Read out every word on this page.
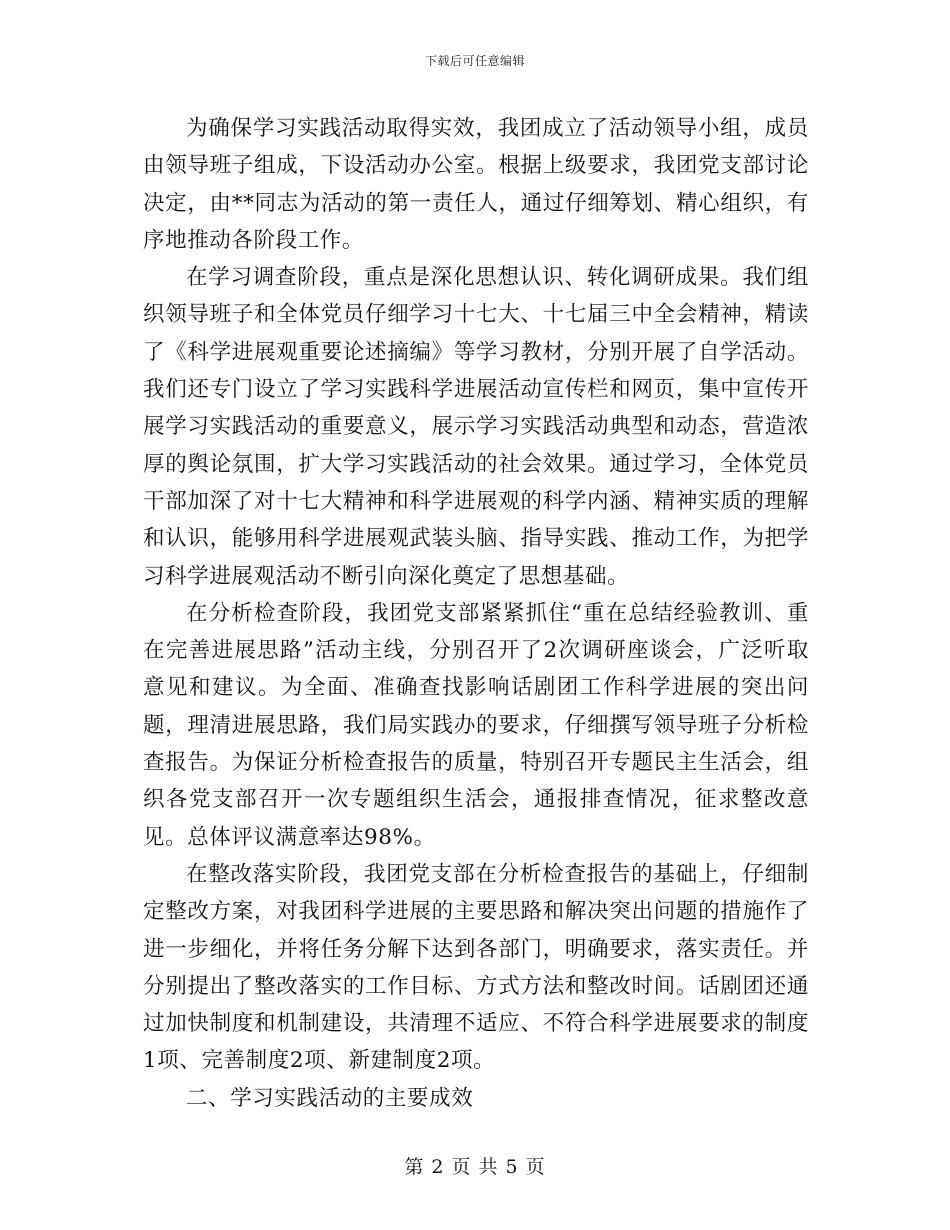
下载后可任意编辑

为确保学习实践活动取得实效，我团成立了活动领导小组，成员由领导班子组成，下设活动办公室。根据上级要求，我团党支部讨论决定，由**同志为活动的第一责任人，通过仔细筹划、精心组织，有序地推动各阶段工作。

在学习调查阶段，重点是深化思想认识、转化调研成果。我们组织领导班子和全体党员仔细学习十七大、十七届三中全会精神，精读了《科学进展观重要论述摘编》等学习教材，分别开展了自学活动。我们还专门设立了学习实践科学进展活动宣传栏和网页，集中宣传开展学习实践活动的重要意义，展示学习实践活动典型和动态，营造浓厚的舆论氛围，扩大学习实践活动的社会效果。通过学习，全体党员干部加深了对十七大精神和科学进展观的科学内涵、精神实质的理解和认识，能够用科学进展观武装头脑、指导实践、推动工作，为把学习科学进展观活动不断引向深化奠定了思想基础。

在分析检查阶段，我团党支部紧紧抓住“重在总结经验教训、重在完善进展思路”活动主线，分别召开了2次调研座谈会，广泛听取意见和建议。为全面、准确查找影响话剧团工作科学进展的突出问题，理清进展思路，我们局实践办的要求，仔细撰写领导班子分析检查报告。为保证分析检查报告的质量，特别召开专题民主生活会，组织各党支部召开一次专题组织生活会，通报排查情况，征求整改意见。总体评议满意率达98%。

在整改落实阶段，我团党支部在分析检查报告的基础上，仔细制定整改方案，对我团科学进展的主要思路和解决突出问题的措施作了进一步细化，并将任务分解下达到各部门，明确要求，落实责任。并分别提出了整改落实的工作目标、方式方法和整改时间。话剧团还通过加快制度和机制建设，共清理不适应、不符合科学进展要求的制度1项、完善制度2项、新建制度2项。

二、学习实践活动的主要成效

第 2 页 共 5 页
